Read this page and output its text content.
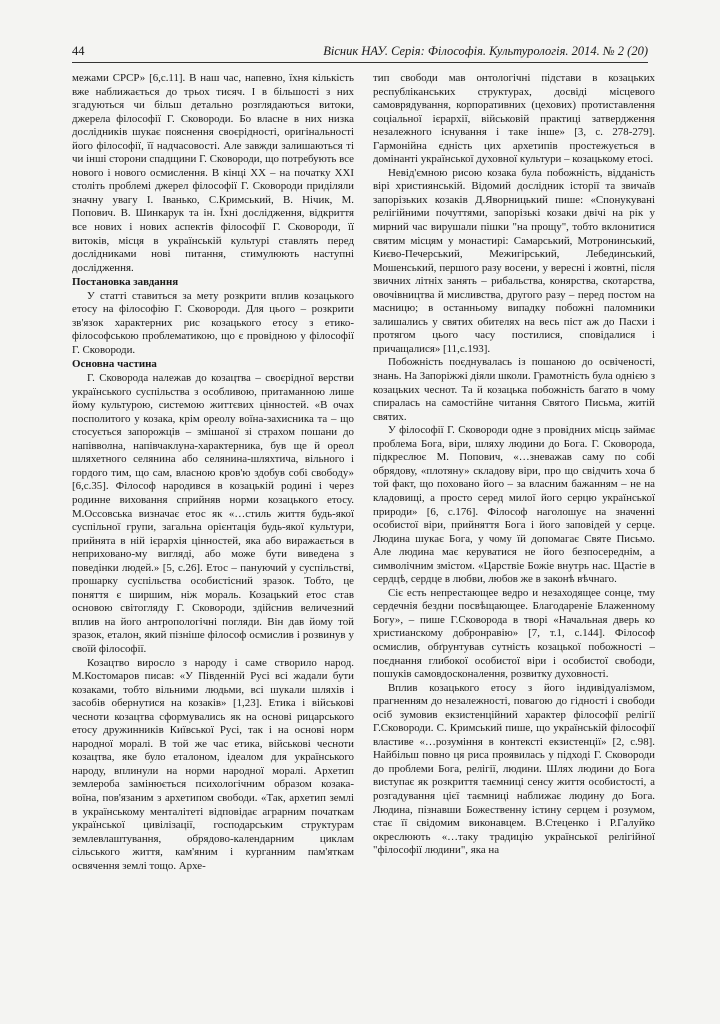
44	Вісник НАУ. Серія: Філософія. Культурологія. 2014. № 2 (20)

межами СРСР» [6,с.11]. В наш час, напевно, їхня кількість вже наближається до трьох тисяч. І в більшості з них згадуються чи більш детально розглядаються витоки, джерела філософії Г. Сковороди. Бо власне в них низка дослідників шукає пояснення своєрідності, оригінальності його філософії, її надчасовості. Але завжди залишаються ті чи інші сторони спадщини Г. Сковороди, що потребують все нового і нового осмислення. В кінці ХХ – на початку ХХІ століть проблемі джерел філософії Г. Сковороди приділяли значну увагу І. Іванько, С.Кримський, В. Нічик, М. Попович. В. Шинкарук та ін. Їхні дослідження, відкриття все нових і нових аспектів філософії Г. Сковороди, її витоків, місця в українській культурі ставлять перед дослідниками нові питання, стимулюють наступні дослідження.

Постановка завдання

У статті ставиться за мету розкрити вплив козацького етосу на філософію Г. Сковороди. Для цього – розкрити зв'язок характерних рис козацького етосу з етико-філософською проблематикою, що є провідною у філософії Г. Сковороди.

Основна частина

Г. Сковорода належав до козацтва – своєрідної верстви українського суспільства з особливою, притаманною лише йому культурою, системою життєвих цінностей. «В очах посполитого у козака, крім ореолу воїна-захисника та – що стосується запорожців – змішаної зі страхом пошани до напівволна, напівчаклуна-характерника, був ще й ореол шляхетного селянина або селянина-шляхтича, вільного і гордого тим, що сам, власною кров'ю здобув собі свободу» [6,с.35]. Філософ народився в козацькій родині і через родинне виховання сприйняв норми козацького етосу. М.Оссовська визначає етос як «…стиль життя будь-якої суспільної групи, загальна орієнтація будь-якої культури, прийнята в ній ієрархія цінностей, яка або виражається в неприховано-му вигляді, або може бути виведена з поведінки людей.» [5, с.26]. Етос – пануючий у суспільстві, прошарку суспільства особистісний зразок. Тобто, це поняття є ширшим, ніж мораль. Козацький етос став основою світогляду Г. Сковороди, здійснив величезний вплив на його антропологічні погляди. Він дав йому той зразок, еталон, який пізніше філософ осмислив і розвинув у своїй філософії.

Козацтво виросло з народу і саме створило народ. М.Костомаров писав: «У Південній Русі всі жадали бути козаками, тобто вільними людьми, всі шукали шляхів і засобів обернутися на козаків» [1,23]. Етика і військові чесноти козацтва сформувались як на основі рицарського етосу дружинників Київської Русі, так і на основі норм народної моралі. В той же час етика, військові чесноти козацтва, яке було еталоном, ідеалом для українського народу, вплинули на норми народної моралі. Архетип землероба замінюється психологічним образом козака-воїна, пов'язаним з архетипом свободи. «Так, архетип землі в українському менталітеті відповідає аграрним початкам української цивілізації, господарським структурам землевлаштування, обрядово-календарним циклам сільського життя, кам'яним і курганним пам'яткам освячення землі тощо. Архе-

тип свободи мав онтологічні підстави в козацьких республіканських структурах, досвіді місцевого самоврядування, корпоративних (цехових) протиставлення соціальної ієрархії, військовій практиці затвердження незалежного існування і таке інше» [3, с. 278-279]. Гармонійна єдність цих архетипів простежується в домінанті української духовної культури – козацькому етосі.

Невід'ємною рисою козака була побожність, відданість вірі християнській. Відомий дослідник історії та звичаїв запорізьких козаків Д.Яворницький пише: «Спонукувані релігійними почуттями, запорізькі козаки двічі на рік у мирний час вирушали пішки "на прощу", тобто вклонитися святим місцям у монастирі: Самарський, Мотронинський, Києво-Печерський, Межигірський, Лебединський, Мошенський, першого разу восени, у вересні і жовтні, після звичних літніх занять – рибальства, конярства, скотарства, овочівництва й мисливства, другого разу – перед постом на масницю; в останньому випадку побожні паломники залишались у святих обителях на весь піст аж до Пасхи і протягом цього часу постилися, сповідалися і причащалися» [11,с.193].

Побожність поєднувалась із пошаною до освіченості, знань. На Запоріжжі діяли школи. Грамотність була однією з козацьких чеснот. Та й козацька побожність багато в чому спиралась на самостійне читання Святого Письма, житій святих.

У філософії Г. Сковороди одне з провідних місць займає проблема Бога, віри, шляху людини до Бога. Г. Сковорода, підкреслює М. Попович, «…зневажав саму по собі обрядову, «плотяну» складову віри, про що свідчить хоча б той факт, що поховано його – за власним бажанням – не на кладовищі, а просто серед милої його серцю української природи» [6, с.176]. Філософ наголошує на значенні особистої віри, прийняття Бога і його заповідей у серце. Людина шукає Бога, у чому їй допомагає Святе Письмо. Але людина має керуватися не його безпосереднім, а символічним змістом. «Царствіе Божіе внутрь нас. Щастіе в сердцѣ, сердце в любви, любов же в законѣ вѣчнаго.

Ciє есть непрестающее ведро и незаходящее сонце, тму сердечнія бездни посвѣщающее. Благодареніе Блаженному Богу», – пише Г.Сковорода в творі «Начальная дверь ко христианскому добронравію» [7, т.1, с.144]. Філософ осмислив, обґрунтував сутність козацької побожності – поєднання глибокої особистої віри і особистої свободи, пошуків самовдосконалення, розвитку духовності.

Вплив козацького етосу з його індивідуалізмом, прагненням до незалежності, повагою до гідності і свободи осіб зумовив екзистенційний характер філософії релігії Г.Сковороди. С. Кримський пише, що українській філософії властиве «…розуміння в контексті екзистенції» [2, с.98]. Найбільш повно ця риса проявилась у підході Г. Сковороди до проблеми Бога, релігії, людини. Шлях людини до Бога виступає як розкриття таємниці сенсу життя особистості, а розгадування цієї таємниці наближає людину до Бога. Людина, пізнавши Божественну істину серцем і розумом, стає її свідомим виконавцем. В.Стеценко і Р.Галуйко окреслюють «…таку традицію української релігійної "філософії людини", яка на
